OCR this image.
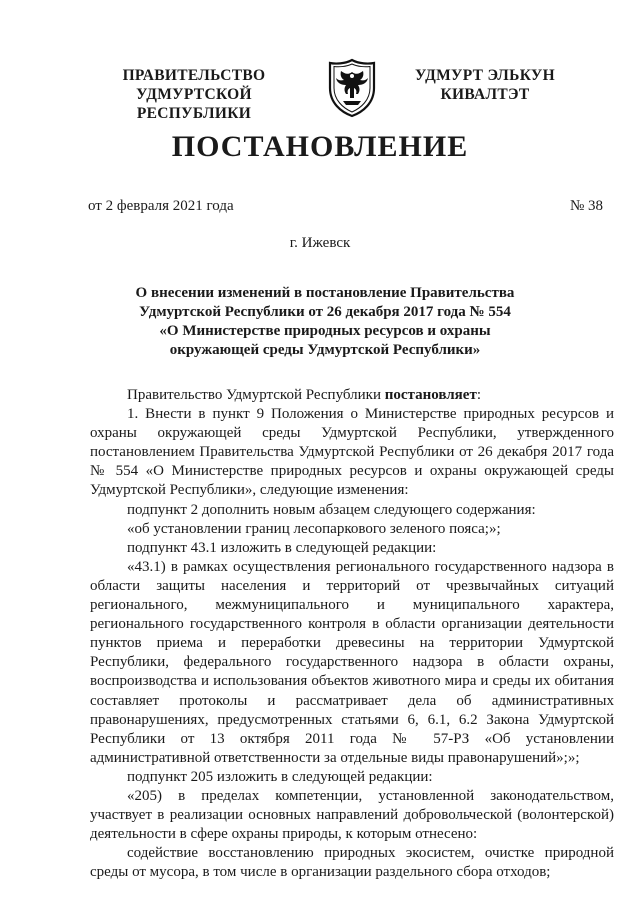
ПРАВИТЕЛЬСТВО
УДМУРТСКОЙ РЕСПУБЛИКИ
УДМУРТ ЭЛЬКУН
КИВАЛТЭТ
ПОСТАНОВЛЕНИЕ
от 2 февраля 2021 года	№ 38
г. Ижевск
О внесении изменений в постановление Правительства
Удмуртской Республики от 26 декабря 2017 года № 554
«О Министерстве природных ресурсов и охраны
окружающей среды Удмуртской Республики»

Правительство Удмуртской Республики постановляет:

1. Внести в пункт 9 Положения о Министерстве природных ресурсов и охраны окружающей среды Удмуртской Республики, утвержденного постановлением Правительства Удмуртской Республики от 26 декабря 2017 года № 554 «О Министерстве природных ресурсов и охраны окружающей среды Удмуртской Республики», следующие изменения:

подпункт 2 дополнить новым абзацем следующего содержания:

«об установлении границ лесопаркового зеленого пояса;»;

подпункт 43.1 изложить в следующей редакции:

«43.1) в рамках осуществления регионального государственного надзора в области защиты населения и территорий от чрезвычайных ситуаций регионального, межмуниципального и муниципального характера, регионального государственного контроля в области организации деятельности пунктов приема и переработки древесины на территории Удмуртской Республики, федерального государственного надзора в области охраны, воспроизводства и использования объектов животного мира и среды их обитания составляет протоколы и рассматривает дела об административных правонарушениях, предусмотренных статьями 6, 6.1, 6.2 Закона Удмуртской Республики от 13 октября 2011 года № 57-РЗ «Об установлении административной ответственности за отдельные виды правонарушений»;»;

подпункт 205 изложить в следующей редакции:

«205) в пределах компетенции, установленной законодательством, участвует в реализации основных направлений добровольческой (волонтерской) деятельности в сфере охраны природы, к которым отнесено:

содействие восстановлению природных экосистем, очистке природной среды от мусора, в том числе в организации раздельного сбора отходов;
